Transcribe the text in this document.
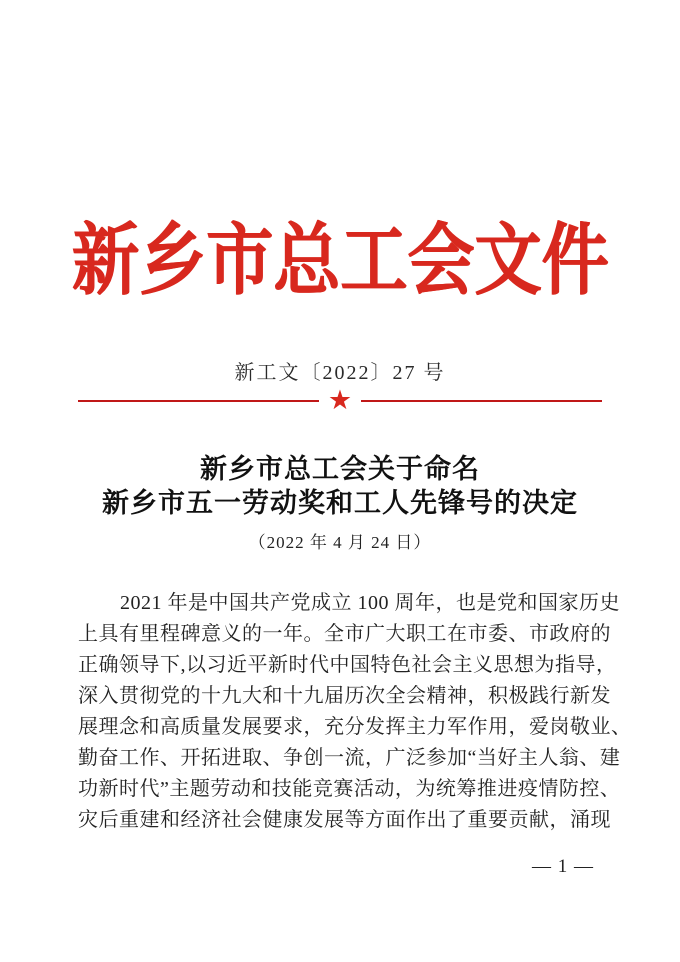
新乡市总工会文件
新工文〔2022〕27 号
★
新乡市总工会关于命名
新乡市五一劳动奖和工人先锋号的决定
（2022 年 4 月 24 日）
2021 年是中国共产党成立 100 周年，也是党和国家历史
上具有里程碑意义的一年。全市广大职工在市委、市政府的
正确领导下,以习近平新时代中国特色社会主义思想为指导，
深入贯彻党的十九大和十九届历次全会精神，积极践行新发
展理念和高质量发展要求，充分发挥主力军作用，爱岗敬业、
勤奋工作、开拓进取、争创一流，广泛参加“当好主人翁、建
功新时代”主题劳动和技能竞赛活动，为统筹推进疫情防控、
灾后重建和经济社会健康发展等方面作出了重要贡献，涌现
— 1 —
